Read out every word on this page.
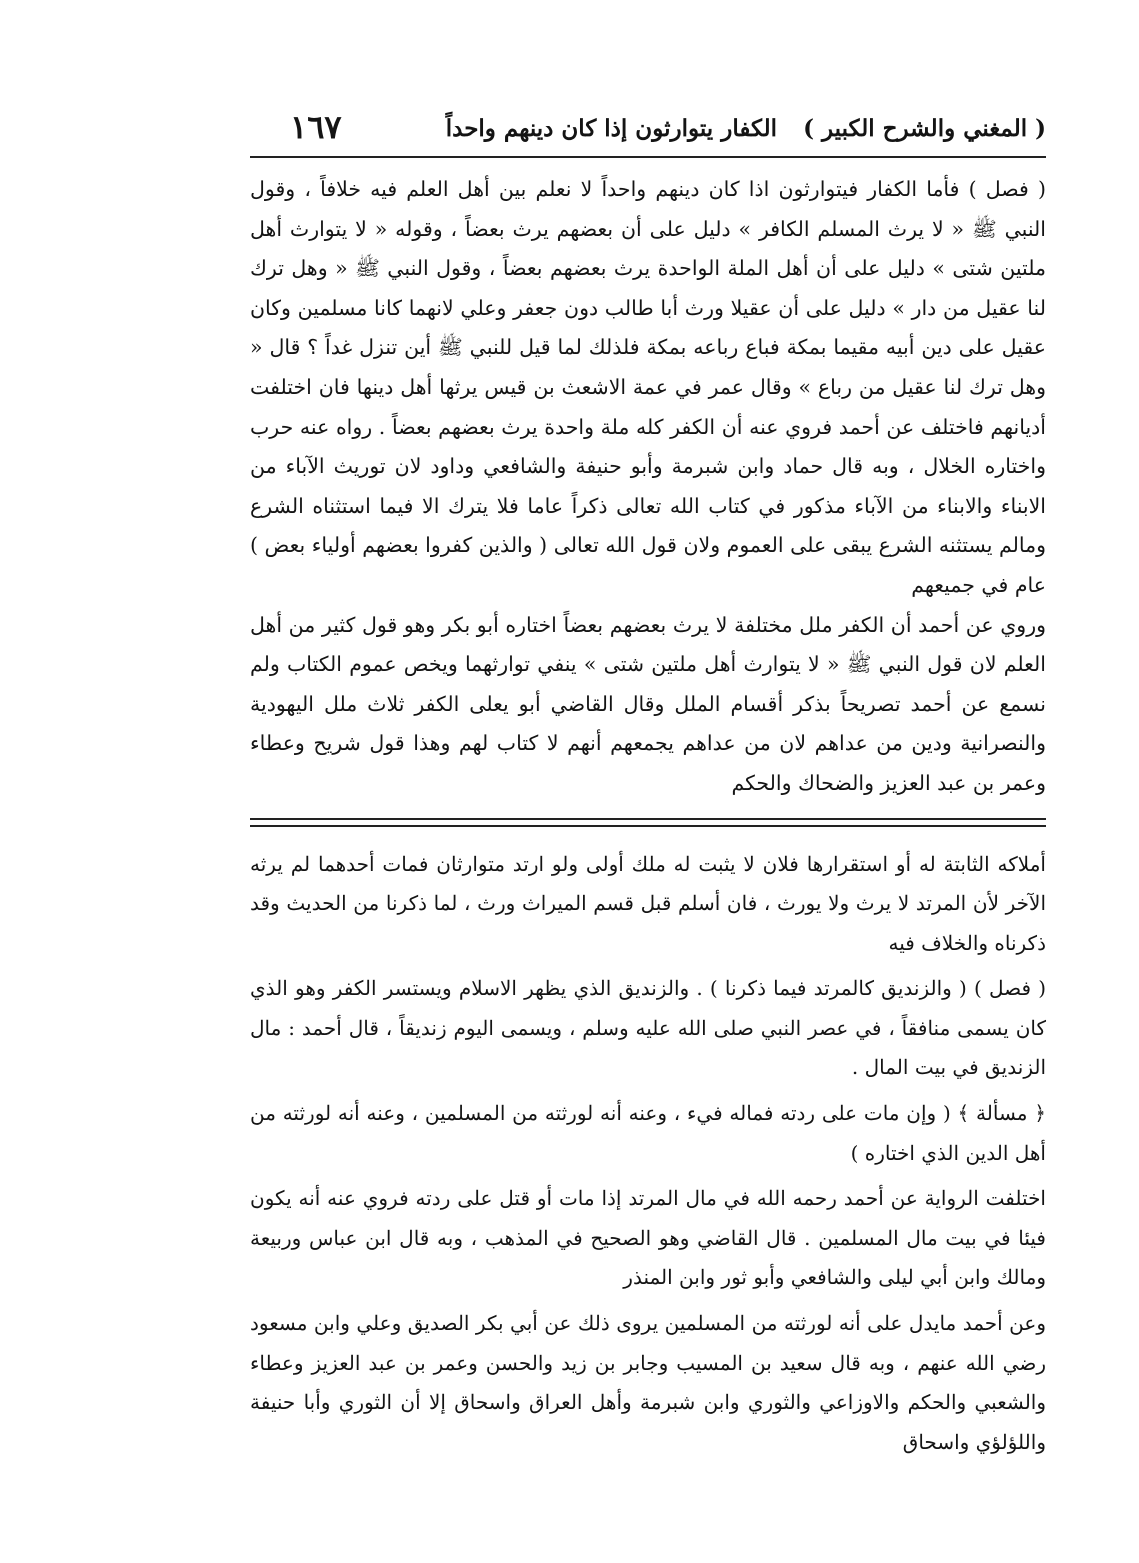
( المغني والشرح الكبير )
الكفار يتوارثون إذا كان دينهم واحداً
١٦٧

( فصل ) فأما الكفار فيتوارثون اذا كان دينهم واحداً لا نعلم بين أهل العلم فيه خلافاً ، وقول النبي ﷺ « لا يرث المسلم الكافر » دليل على أن بعضهم يرث بعضاً ، وقوله « لا يتوارث أهل ملتين شتى » دليل على أن أهل الملة الواحدة يرث بعضهم بعضاً ، وقول النبي ﷺ « وهل ترك لنا عقيل من دار » دليل على أن عقيلا ورث أبا طالب دون جعفر وعلي لانهما كانا مسلمين وكان عقيل على دين أبيه مقيما بمكة فباع رباعه بمكة فلذلك لما قيل للنبي ﷺ أين تنزل غداً ؟ قال « وهل ترك لنا عقيل من رباع » وقال عمر في عمة الاشعث بن قيس يرثها أهل دينها فان اختلفت أديانهم فاختلف عن أحمد فروي عنه أن الكفر كله ملة واحدة يرث بعضهم بعضاً . رواه عنه حرب واختاره الخلال ، وبه قال حماد وابن شبرمة وأبو حنيفة والشافعي وداود لان توريث الآباء من الابناء والابناء من الآباء مذكور في كتاب الله تعالى ذكراً عاما فلا يترك الا فيما استثناه الشرع ومالم يستثنه الشرع يبقى على العموم ولان قول الله تعالى ( والذين كفروا بعضهم أولياء بعض ) عام في جميعهم

وروي عن أحمد أن الكفر ملل مختلفة لا يرث بعضهم بعضاً اختاره أبو بكر وهو قول كثير من أهل العلم لان قول النبي ﷺ « لا يتوارث أهل ملتين شتى » ينفي توارثهما ويخص عموم الكتاب ولم نسمع عن أحمد تصريحاً بذكر أقسام الملل وقال القاضي أبو يعلى الكفر ثلاث ملل اليهودية والنصرانية ودين من عداهم لان من عداهم يجمعهم أنهم لا كتاب لهم وهذا قول شريح وعطاء وعمر بن عبد العزيز والضحاك والحكم

أملاكه الثابتة له أو استقرارها فلان لا يثبت له ملك أولى ولو ارتد متوارثان فمات أحدهما لم يرثه الآخر لأن المرتد لا يرث ولا يورث ، فان أسلم قبل قسم الميراث ورث ، لما ذكرنا من الحديث وقد ذكرناه والخلاف فيه

( فصل ) ( والزنديق كالمرتد فيما ذكرنا ) . والزنديق الذي يظهر الاسلام ويستسر الكفر وهو الذي كان يسمى منافقاً ، في عصر النبي صلى الله عليه وسلم ، ويسمى اليوم زنديقاً ، قال أحمد : مال الزنديق في بيت المال .

﴿ مسألة ﴾ ( وإن مات على ردته فماله فيء ، وعنه أنه لورثته من المسلمين ، وعنه أنه لورثته من أهل الدين الذي اختاره )

اختلفت الرواية عن أحمد رحمه الله في مال المرتد إذا مات أو قتل على ردته فروي عنه أنه يكون فيئا في بيت مال المسلمين . قال القاضي وهو الصحيح في المذهب ، وبه قال ابن عباس وربيعة ومالك وابن أبي ليلى والشافعي وأبو ثور وابن المنذر

وعن أحمد مايدل على أنه لورثته من المسلمين يروى ذلك عن أبي بكر الصديق وعلي وابن مسعود رضي الله عنهم ، وبه قال سعيد بن المسيب وجابر بن زيد والحسن وعمر بن عبد العزيز وعطاء والشعبي والحكم والاوزاعي والثوري وابن شبرمة وأهل العراق واسحاق إلا أن الثوري وأبا حنيفة واللؤلؤي واسحاق
